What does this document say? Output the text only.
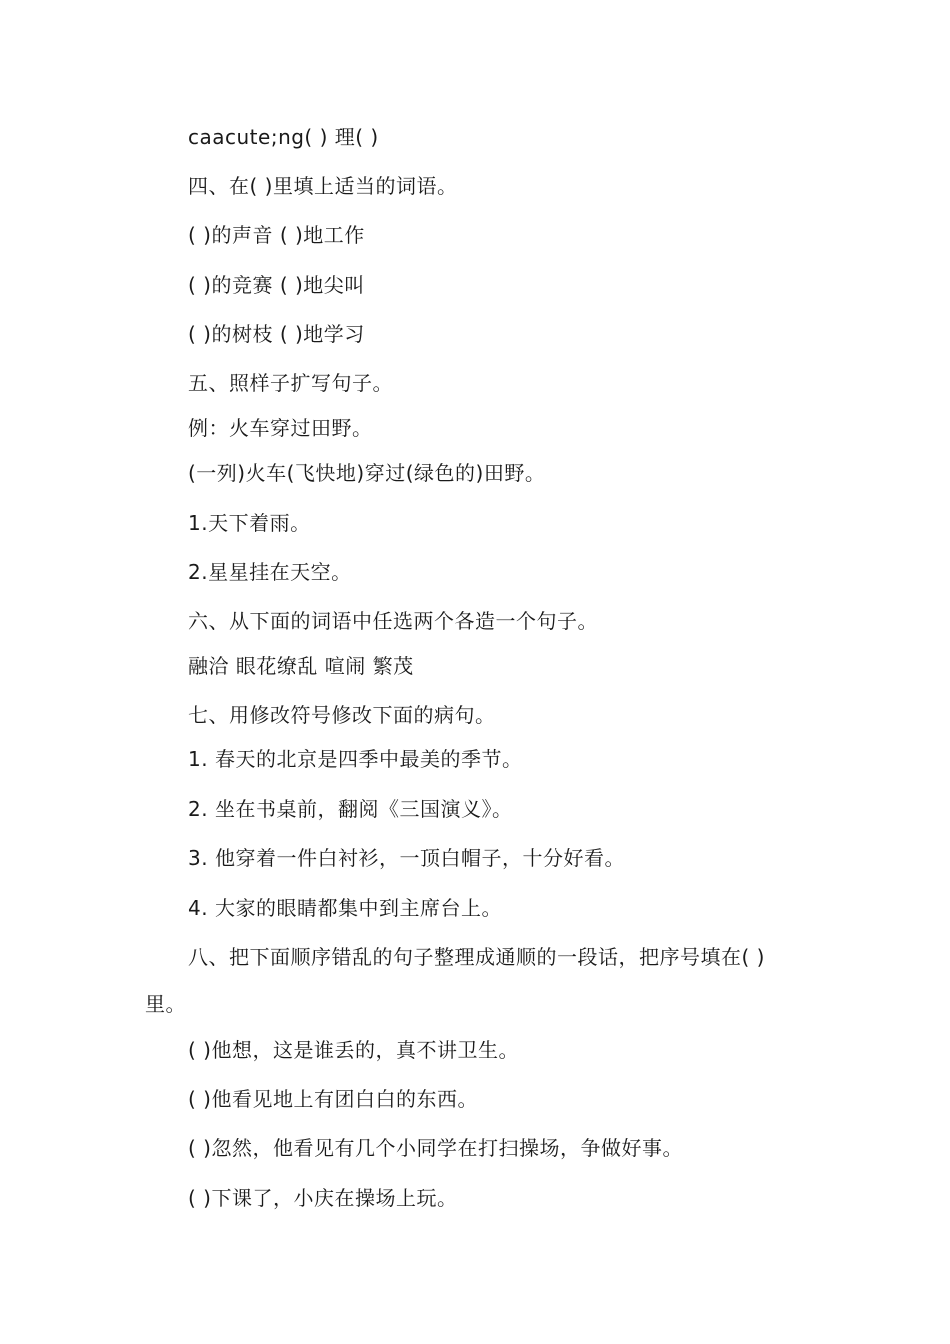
caacute;ng( ) 理( )
四、在( )里填上适当的词语。
( )的声音 ( )地工作
( )的竞赛 ( )地尖叫
( )的树枝 ( )地学习
五、照样子扩写句子。
例：火车穿过田野。
(一列)火车(飞快地)穿过(绿色的)田野。
1.天下着雨。
2.星星挂在天空。
六、从下面的词语中任选两个各造一个句子。
融洽 眼花缭乱 喧闹 繁茂
七、用修改符号修改下面的病句。
1. 春天的北京是四季中最美的季节。
2. 坐在书桌前，翻阅《三国演义》。
3. 他穿着一件白衬衫，一顶白帽子，十分好看。
4. 大家的眼睛都集中到主席台上。
八、把下面顺序错乱的句子整理成通顺的一段话，把序号填在( )
里。
( )他想，这是谁丢的，真不讲卫生。
( )他看见地上有团白白的东西。
( )忽然，他看见有几个小同学在打扫操场，争做好事。
( )下课了，小庆在操场上玩。
